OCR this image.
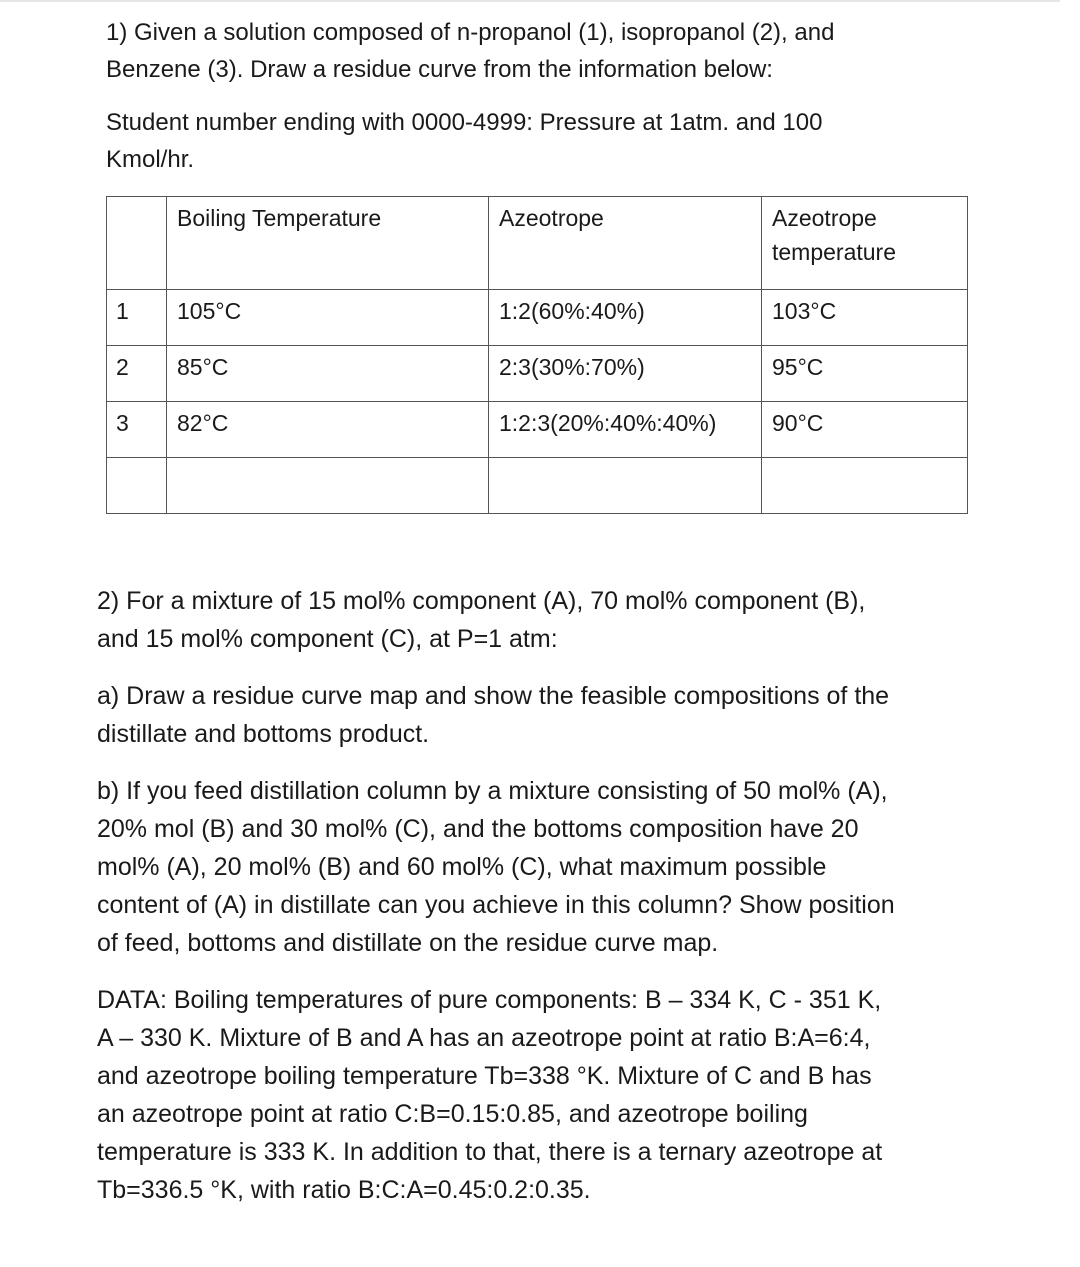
1) Given a solution composed of n-propanol (1), isopropanol (2), and

Benzene (3). Draw a residue curve from the information below:

Student number ending with 0000-4999: Pressure at 1atm. and 100

Kmol/hr.

	Boiling Temperature	Azeotrope	Azeotrope
temperature

1	105°C	1:2(60%:40%)	103°C
2	85°C	2:3(30%:70%)	95°C
3	82°C	1:2:3(20%:40%:40%)	90°C

2) For a mixture of 15 mol% component (A), 70 mol% component (B),

and 15 mol% component (C), at P=1 atm:

a) Draw a residue curve map and show the feasible compositions of the

distillate and bottoms product.

b) If you feed distillation column by a mixture consisting of 50 mol% (A),

20% mol (B) and 30 mol% (C), and the bottoms composition have 20

mol% (A), 20 mol% (B) and 60 mol% (C), what maximum possible

content of (A) in distillate can you achieve in this column? Show position

of feed, bottoms and distillate on the residue curve map.

DATA: Boiling temperatures of pure components: B – 334 K, C - 351 K,

A – 330 K. Mixture of B and A has an azeotrope point at ratio B:A=6:4,

and azeotrope boiling temperature Tb=338 °K. Mixture of C and B has

an azeotrope point at ratio C:B=0.15:0.85, and azeotrope boiling

temperature is 333 K. In addition to that, there is a ternary azeotrope at

Tb=336.5 °K, with ratio B:C:A=0.45:0.2:0.35.
